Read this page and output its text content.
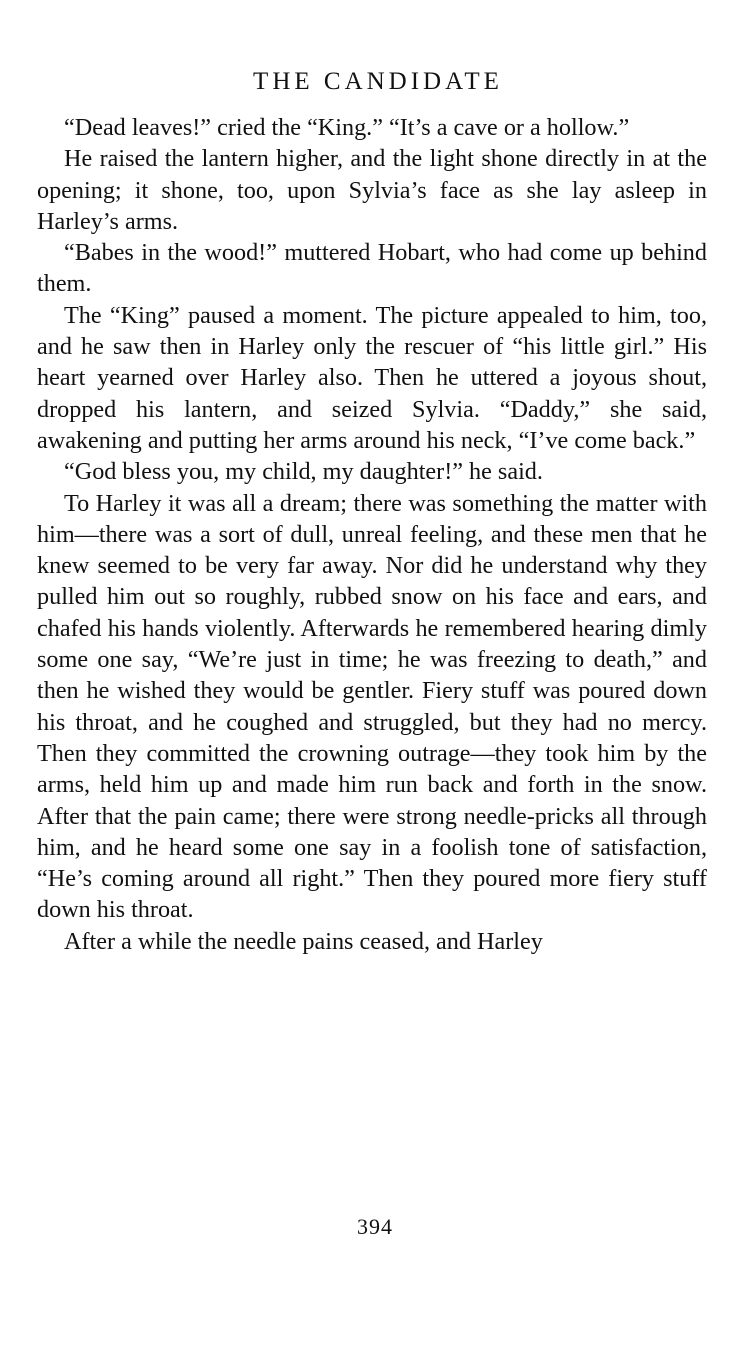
THE CANDIDATE

“Dead leaves!” cried the “King.” “It’s a cave or a hollow.”

He raised the lantern higher, and the light shone directly in at the opening; it shone, too, upon Sylvia’s face as she lay asleep in Harley’s arms.

“Babes in the wood!” muttered Hobart, who had come up behind them.

The “King” paused a moment. The picture appealed to him, too, and he saw then in Harley only the rescuer of “his little girl.” His heart yearned over Harley also. Then he uttered a joyous shout, dropped his lantern, and seized Sylvia. “Daddy,” she said, awakening and putting her arms around his neck, “I’ve come back.”

“God bless you, my child, my daughter!” he said.

To Harley it was all a dream; there was something the matter with him—there was a sort of dull, unreal feeling, and these men that he knew seemed to be very far away. Nor did he understand why they pulled him out so roughly, rubbed snow on his face and ears, and chafed his hands violently. Afterwards he remembered hearing dimly some one say, “We’re just in time; he was freezing to death,” and then he wished they would be gentler. Fiery stuff was poured down his throat, and he coughed and struggled, but they had no mercy. Then they committed the crowning outrage—they took him by the arms, held him up and made him run back and forth in the snow. After that the pain came; there were strong needle-pricks all through him, and he heard some one say in a foolish tone of satisfaction, “He’s coming around all right.” Then they poured more fiery stuff down his throat.

After a while the needle pains ceased, and Harley

394
